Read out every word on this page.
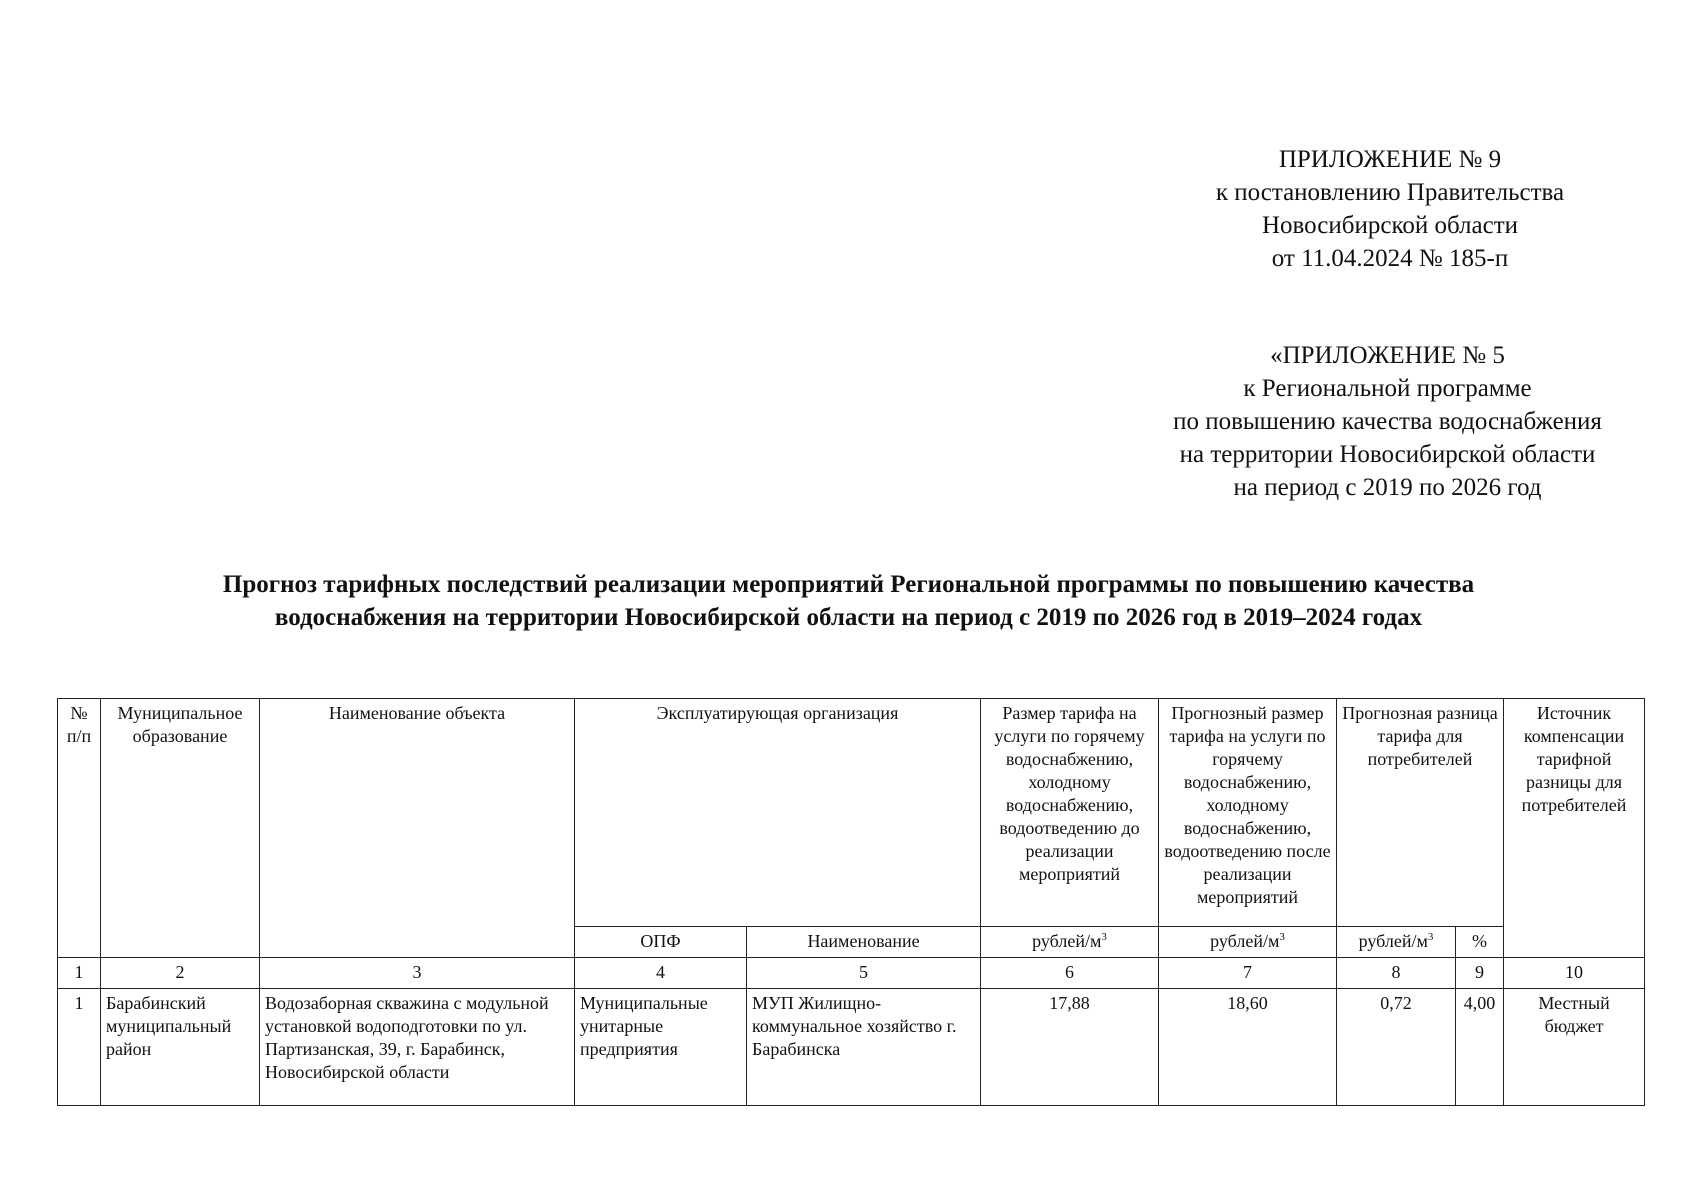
ПРИЛОЖЕНИЕ № 9
к постановлению Правительства
Новосибирской области
от 11.04.2024 № 185-п
«ПРИЛОЖЕНИЕ № 5
к Региональной программе
по повышению качества водоснабжения
на территории Новосибирской области
на период с 2019 по 2026 год
Прогноз тарифных последствий реализации мероприятий Региональной программы по повышению качества
водоснабжения на территории Новосибирской области на период с 2019 по 2026 год в 2019–2024 годах
№ п/п	Муниципальное образование	Наименование объекта	Эксплуатирующая организация		Размер тарифа на услуги по горячему водоснабжению, холодному водоснабжению, водоотведению до реализации мероприятий	Прогнозный размер тарифа на услуги по горячему водоснабжению, холодному водоснабжению, водоотведению после реализации мероприятий	Прогнозная разница тарифа для потребителей		Источник компенсации тарифной разницы для потребителей
			ОПФ	Наименование	рублей/$м^3$	рублей/$м^3$	рублей/$м^3$	%	
1	2	3	4	5	6	7	8	9	10
1	Барабинский муниципальный район	Водозаборная скважина с модульной установкой водоподготовки по ул. Партизанская, 39, г. Барабинск, Новосибирской области	Муниципальные унитарные предприятия	МУП Жилищно-коммунальное хозяйство г. Барабинска	17,88	18,60	0,72	4,00	Местный бюджет
